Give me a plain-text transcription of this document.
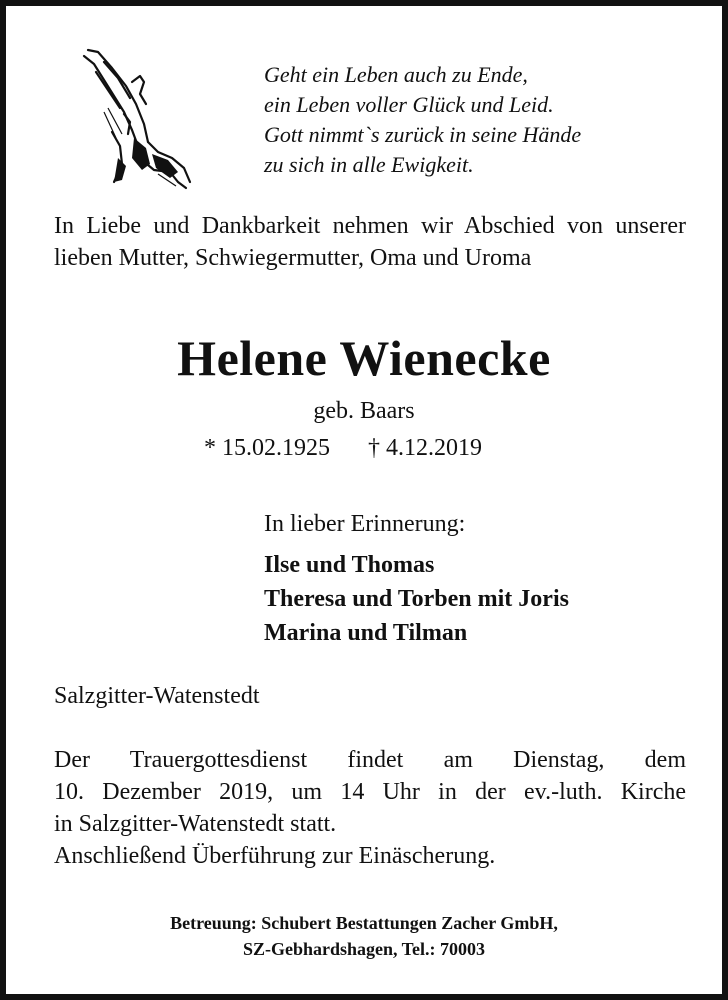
Geht ein Leben auch zu Ende,
ein Leben voller Glück und Leid.
Gott nimmt`s zurück in seine Hände
zu sich in alle Ewigkeit.

In Liebe und Dankbarkeit nehmen wir Abschied von unserer lieben Mutter, Schwiegermutter, Oma und Uroma

Helene Wienecke

geb. Baars

* 15.02.1925 † 4.12.2019

In lieber Erinnerung:

Ilse und Thomas
Theresa und Torben mit Joris
Marina und Tilman

Salzgitter-Watenstedt

Der Trauergottesdienst findet am Dienstag, dem
10. Dezember 2019, um 14 Uhr in der ev.-luth. Kirche
in Salzgitter-Watenstedt statt.
Anschließend Überführung zur Einäscherung.

Betreuung: Schubert Bestattungen Zacher GmbH,
SZ-Gebhardshagen, Tel.: 70003
